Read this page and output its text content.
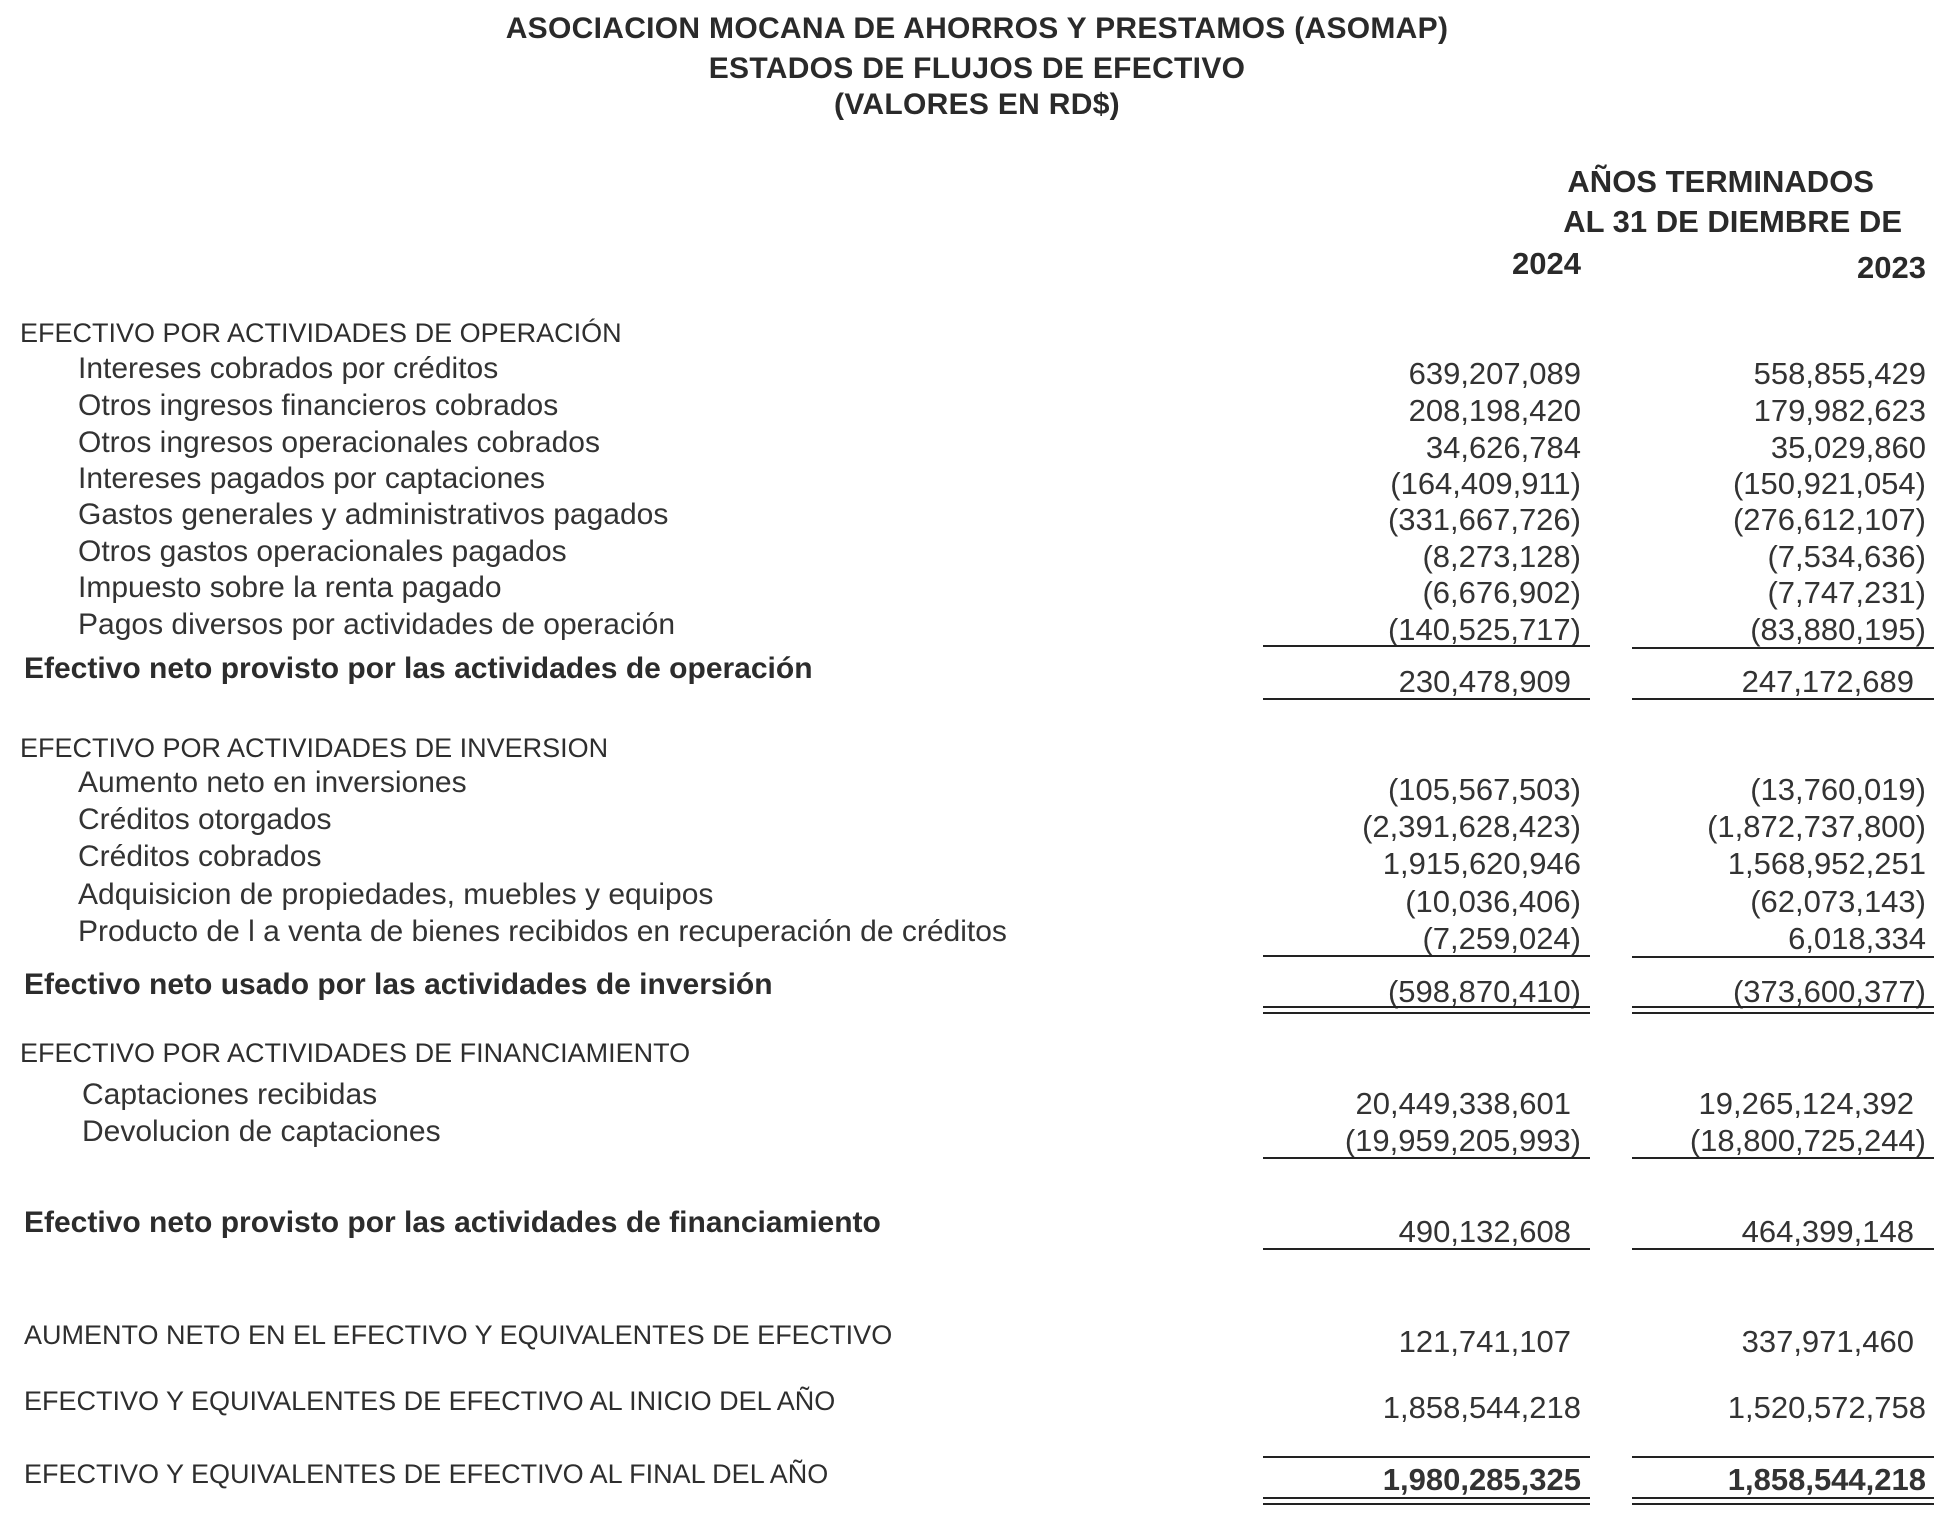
ASOCIACION MOCANA DE AHORROS Y PRESTAMOS (ASOMAP)
ESTADOS DE FLUJOS DE EFECTIVO
(VALORES EN RD$)
AÑOS TERMINADOS
AL 31 DE DIEMBRE DE
2024	2023
EFECTIVO POR ACTIVIDADES DE OPERACIÓN
Intereses cobrados por créditos	639,207,089	558,855,429
Otros ingresos financieros cobrados	208,198,420	179,982,623
Otros ingresos operacionales cobrados	34,626,784	35,029,860
Intereses pagados por captaciones	(164,409,911)	(150,921,054)
Gastos generales y administrativos pagados	(331,667,726)	(276,612,107)
Otros gastos operacionales pagados	(8,273,128)	(7,534,636)
Impuesto sobre la renta pagado	(6,676,902)	(7,747,231)
Pagos diversos por actividades de operación	(140,525,717)	(83,880,195)
Efectivo neto provisto por las actividades de operación	230,478,909	247,172,689
EFECTIVO POR ACTIVIDADES DE INVERSION
Aumento neto en inversiones	(105,567,503)	(13,760,019)
Créditos otorgados	(2,391,628,423)	(1,872,737,800)
Créditos cobrados	1,915,620,946	1,568,952,251
Adquisicion de propiedades, muebles y equipos	(10,036,406)	(62,073,143)
Producto de l a venta de bienes recibidos en recuperación de créditos	(7,259,024)	6,018,334
Efectivo neto usado por las actividades de inversión	(598,870,410)	(373,600,377)
EFECTIVO POR ACTIVIDADES DE FINANCIAMIENTO
Captaciones recibidas	20,449,338,601	19,265,124,392
Devolucion de captaciones	(19,959,205,993)	(18,800,725,244)
Efectivo neto provisto por las actividades de financiamiento	490,132,608	464,399,148
AUMENTO NETO EN EL EFECTIVO Y EQUIVALENTES DE EFECTIVO	121,741,107	337,971,460
EFECTIVO Y EQUIVALENTES DE EFECTIVO AL INICIO DEL AÑO	1,858,544,218	1,520,572,758
EFECTIVO Y EQUIVALENTES DE EFECTIVO AL FINAL DEL AÑO	1,980,285,325	1,858,544,218
